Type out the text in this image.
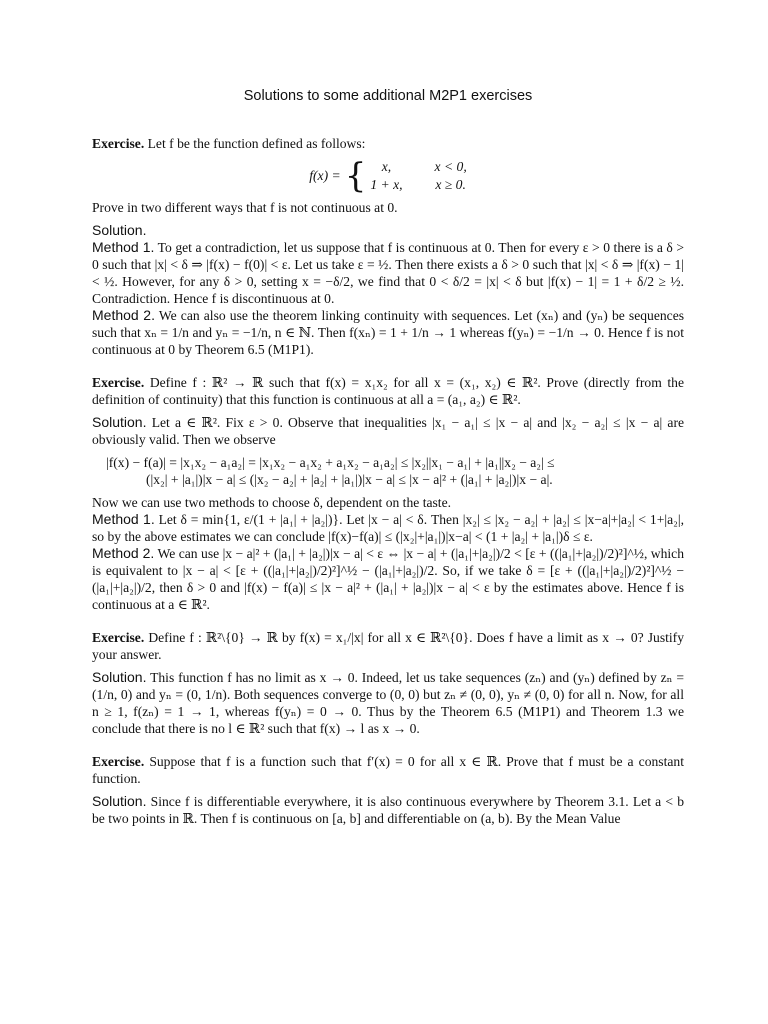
Solutions to some additional M2P1 exercises

Exercise. Let f be the function defined as follows:

f(x) = {	x,	x < 0,
1 + x, x ≥ 0.

Prove in two different ways that f is not continuous at 0.

Solution.

Method 1. To get a contradiction, let us suppose that f is continuous at 0. Then for every ε > 0 there is a δ > 0 such that |x| < δ ⇒ |f(x) − f(0)| < ε. Let us take ε = ½. Then there exists a δ > 0 such that |x| < δ ⇒ |f(x) − 1| < ½. However, for any δ > 0, setting x = −δ/2, we find that 0 < δ/2 = |x| < δ but |f(x) − 1| = 1 + δ/2 ≥ ½. Contradiction. Hence f is discontinuous at 0.

Method 2. We can also use the theorem linking continuity with sequences. Let (xₙ) and (yₙ) be sequences such that xₙ = 1/n and yₙ = −1/n, n ∈ ℕ. Then f(xₙ) = 1 + 1/n → 1 whereas f(yₙ) = −1/n → 0. Hence f is not continuous at 0 by Theorem 6.5 (M1P1).

Exercise. Define f : ℝ² → ℝ such that f(x) = x₁x₂ for all x = (x₁, x₂) ∈ ℝ². Prove (directly from the definition of continuity) that this function is continuous at all a = (a₁, a₂) ∈ ℝ².

Solution. Let a ∈ ℝ². Fix ε > 0. Observe that inequalities |x₁ − a₁| ≤ |x − a| and |x₂ − a₂| ≤ |x − a| are obviously valid. Then we observe

|f(x) − f(a)| = |x₁x₂ − a₁a₂| = |x₁x₂ − a₁x₂ + a₁x₂ − a₁a₂| ≤ |x₂||x₁ − a₁| + |a₁||x₂ − a₂| ≤
(|x₂| + |a₁|)|x − a| ≤ (|x₂ − a₂| + |a₂| + |a₁|)|x − a| ≤ |x − a|² + (|a₁| + |a₂|)|x − a|.

Now we can use two methods to choose δ, dependent on the taste.

Method 1. Let δ = min{1, ε/(1 + |a₁| + |a₂|)}. Let |x − a| < δ. Then |x₂| ≤ |x₂ − a₂| + |a₂| ≤ |x−a|+|a₂| < 1+|a₂|, so by the above estimates we can conclude |f(x)−f(a)| ≤ (|x₂|+|a₁|)|x−a| < (1 + |a₂| + |a₁|)δ ≤ ε.

Method 2. We can use |x − a|² + (|a₁| + |a₂|)|x − a| < ε ⇔ |x − a| + (|a₁|+|a₂|)/2 < [ε + ((|a₁|+|a₂|)/2)²]^½, which is equivalent to |x − a| < [ε + ((|a₁|+|a₂|)/2)²]^½ − (|a₁|+|a₂|)/2. So, if we take δ = [ε + ((|a₁|+|a₂|)/2)²]^½ − (|a₁|+|a₂|)/2, then δ > 0 and |f(x) − f(a)| ≤ |x − a|² + (|a₁| + |a₂|)|x − a| < ε by the estimates above. Hence f is continuous at a ∈ ℝ².

Exercise. Define f : ℝ²\{0} → ℝ by f(x) = x₁/|x| for all x ∈ ℝ²\{0}. Does f have a limit as x → 0? Justify your answer.

Solution. This function f has no limit as x → 0. Indeed, let us take sequences (zₙ) and (yₙ) defined by zₙ = (1/n, 0) and yₙ = (0, 1/n). Both sequences converge to (0, 0) but zₙ ≠ (0, 0), yₙ ≠ (0, 0) for all n. Now, for all n ≥ 1, f(zₙ) = 1 → 1, whereas f(yₙ) = 0 → 0. Thus by the Theorem 6.5 (M1P1) and Theorem 1.3 we conclude that there is no l ∈ ℝ² such that f(x) → l as x → 0.

Exercise. Suppose that f is a function such that f′(x) = 0 for all x ∈ ℝ. Prove that f must be a constant function.

Solution. Since f is differentiable everywhere, it is also continuous everywhere by Theorem 3.1. Let a < b be two points in ℝ. Then f is continuous on [a, b] and differentiable on (a, b). By the Mean Value
